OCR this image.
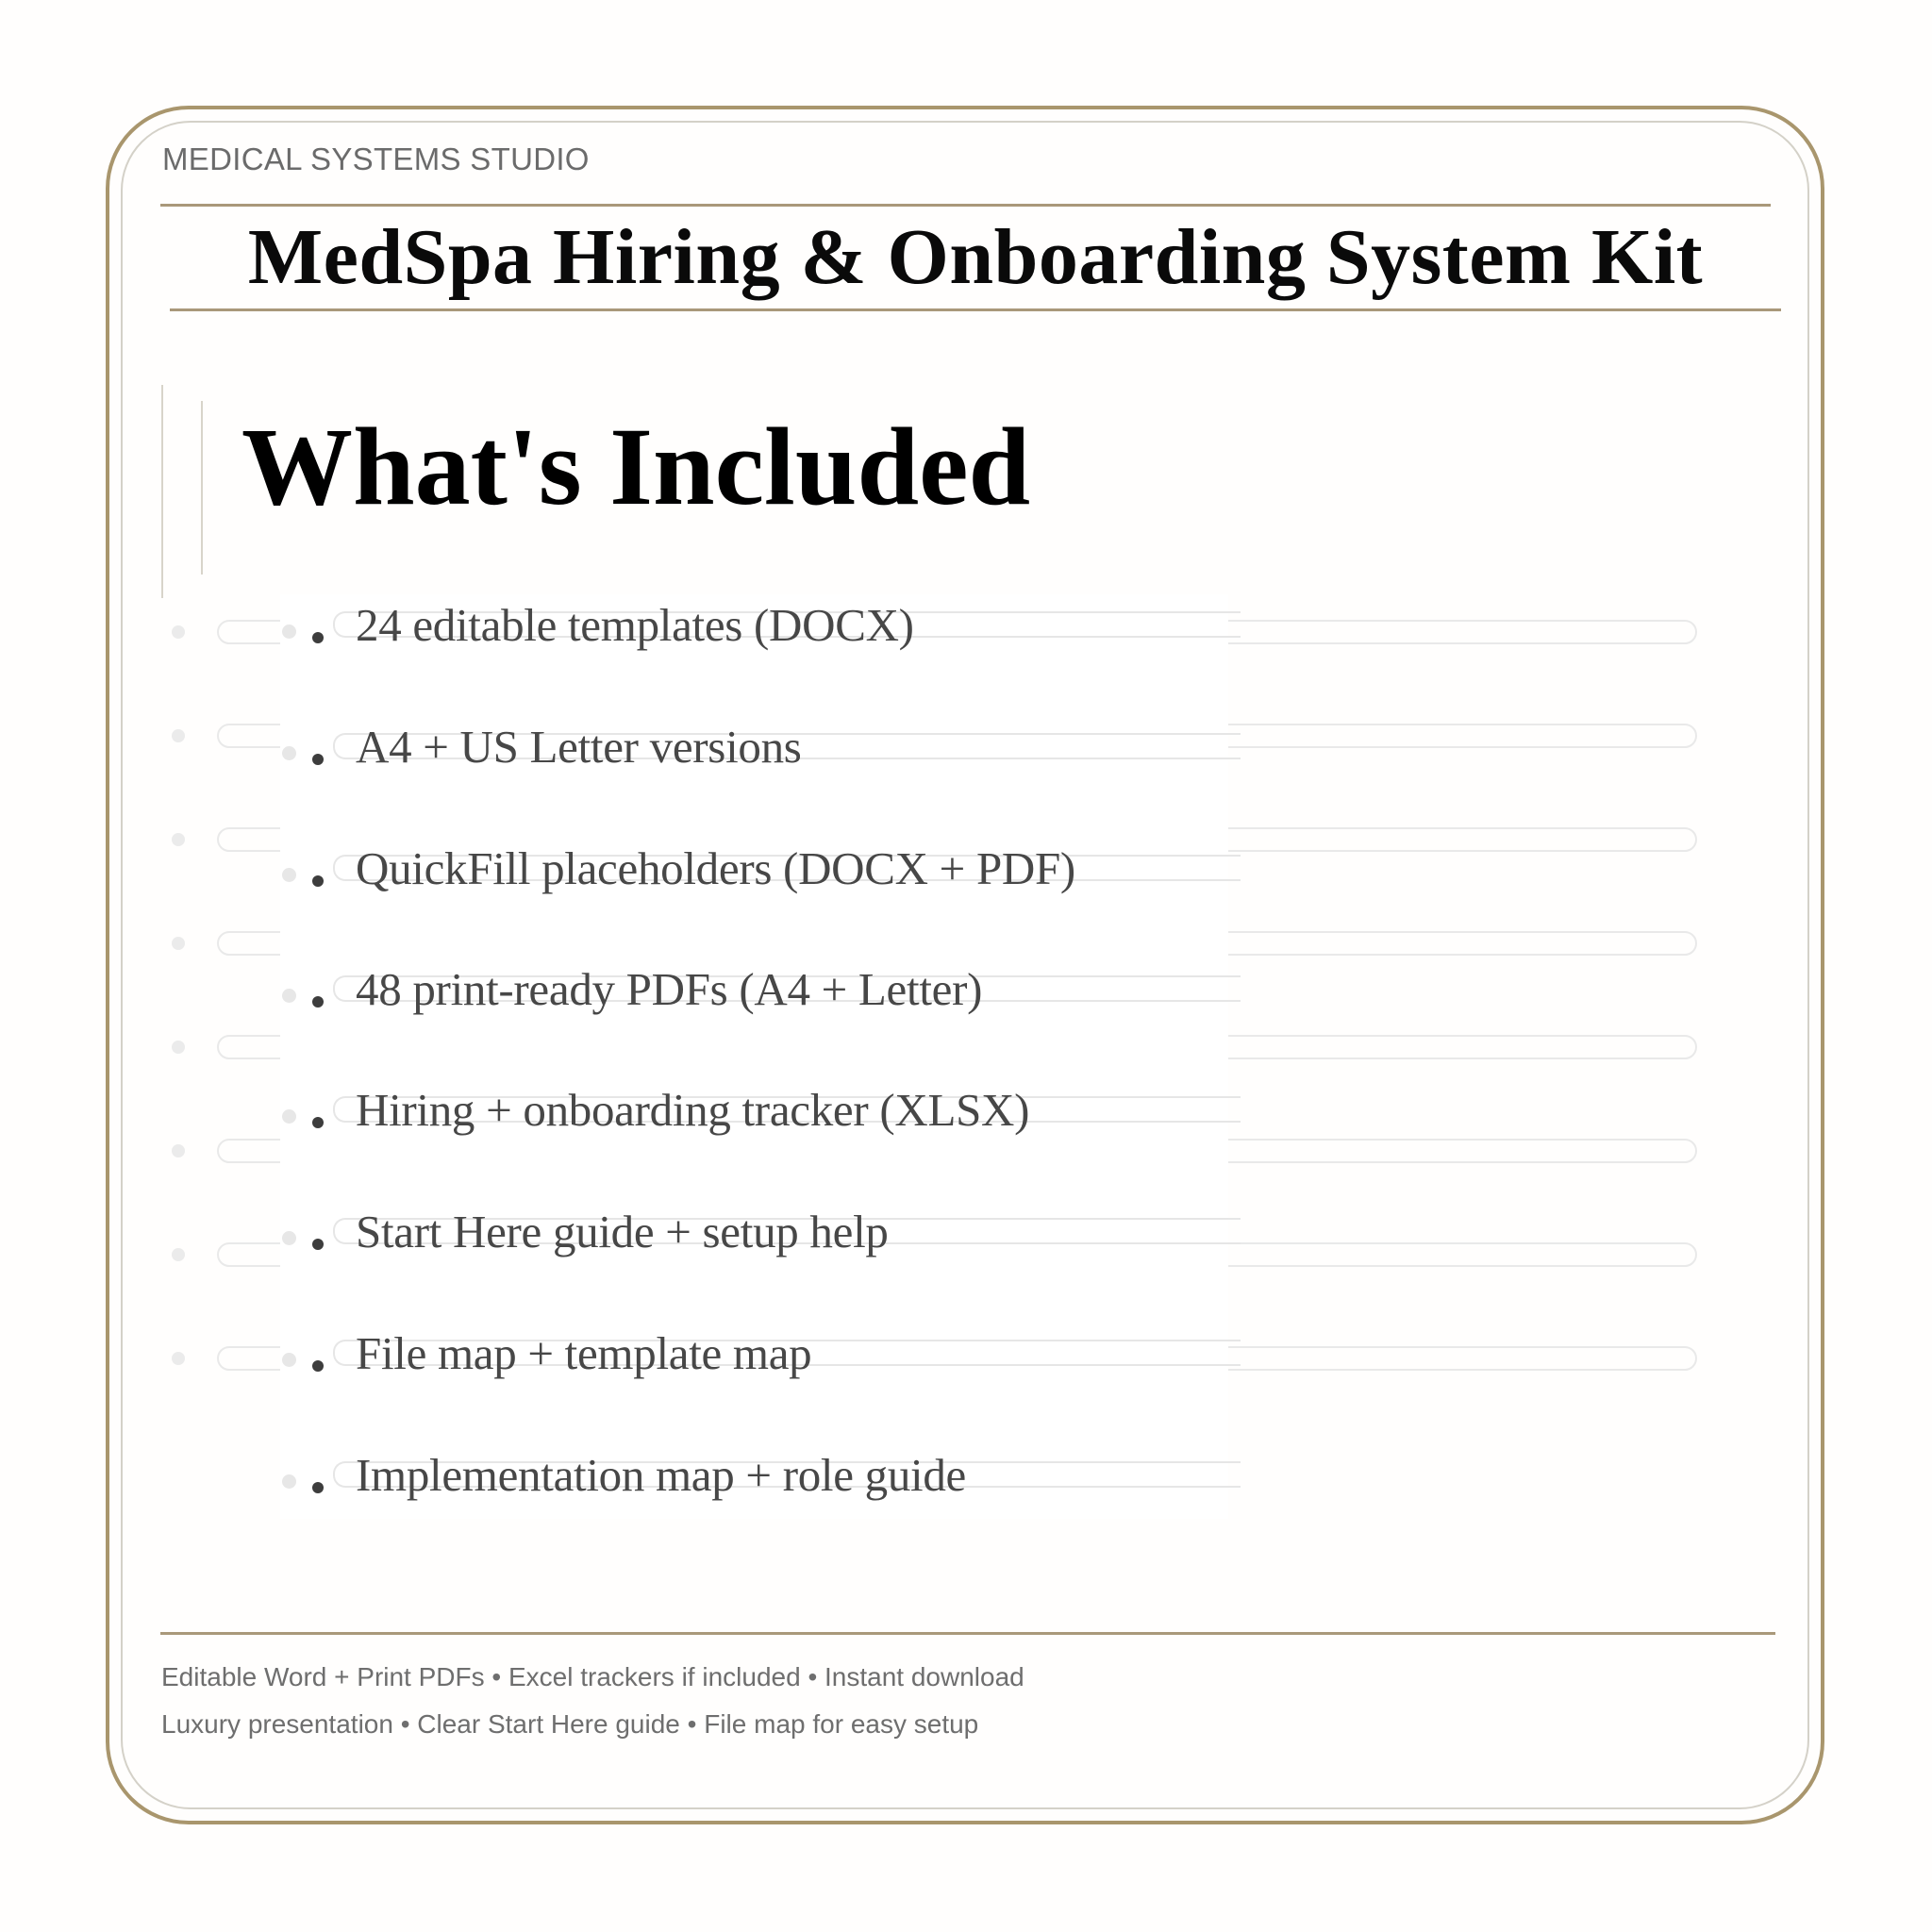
MEDICAL SYSTEMS STUDIO
MedSpa Hiring & Onboarding System Kit
What's Included
24 editable templates (DOCX)
A4 + US Letter versions
QuickFill placeholders (DOCX + PDF)
48 print-ready PDFs (A4 + Letter)
Hiring + onboarding tracker (XLSX)
Start Here guide + setup help
File map + template map
Implementation map + role guide
Editable Word + Print PDFs • Excel trackers if included • Instant download
Luxury presentation • Clear Start Here guide • File map for easy setup
